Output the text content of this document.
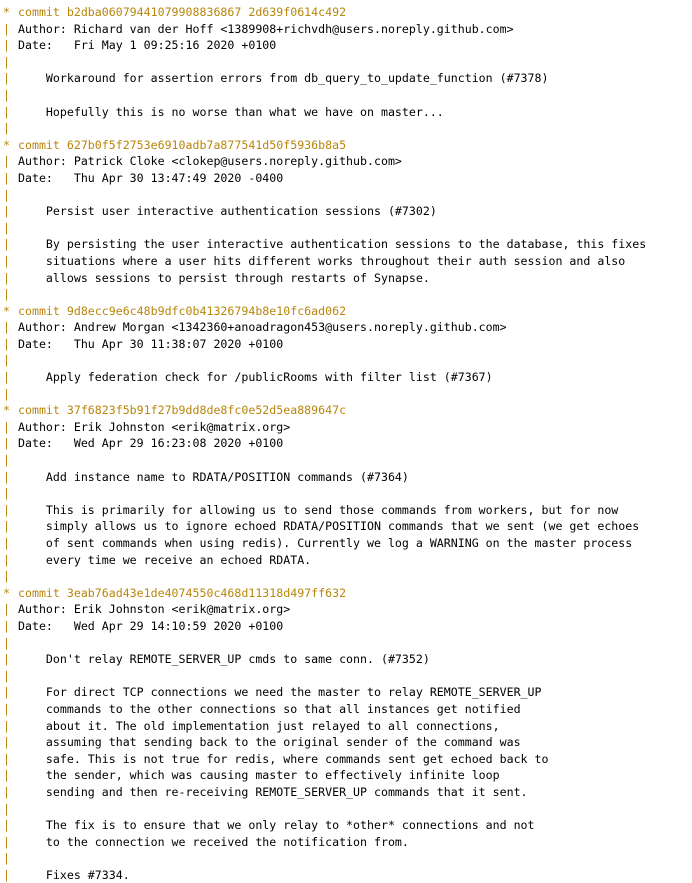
* commit b2dba06079441079908836867 2d639f0614c492
| Author: Richard van der Hoff <1389908+richvdh@users.noreply.github.com>
| Date:   Fri May 1 09:25:16 2020 +0100
|
| Workaround for assertion errors from db_query_to_update_function (#7378)
|
| Hopefully this is no worse than what we have on master...
|
* commit 627b0f5f2753e6910adb7a877541d50f5936b8a5
| Author: Patrick Cloke <clokep@users.noreply.github.com>
| Date:   Thu Apr 30 13:47:49 2020 -0400
|
| Persist user interactive authentication sessions (#7302)
|
| By persisting the user interactive authentication sessions to the database, this fixes
| situations where a user hits different works throughout their auth session and also
| allows sessions to persist through restarts of Synapse.
|
* commit 9d8ecc9e6c48b9dfc0b41326794b8e10fc6ad062
| Author: Andrew Morgan <1342360+anoadragon453@users.noreply.github.com>
| Date:   Thu Apr 30 11:38:07 2020 +0100
|
| Apply federation check for /publicRooms with filter list (#7367)
|
* commit 37f6823f5b91f27b9dd8de8fc0e52d5ea889647c
| Author: Erik Johnston <erik@matrix.org>
| Date:   Wed Apr 29 16:23:08 2020 +0100
|
| Add instance name to RDATA/POSITION commands (#7364)
|
| This is primarily for allowing us to send those commands from workers, but for now
| simply allows us to ignore echoed RDATA/POSITION commands that we sent (we get echoes
| of sent commands when using redis). Currently we log a WARNING on the master process
| every time we receive an echoed RDATA.
|
* commit 3eab76ad43e1de4074550c468d11318d497ff632
| Author: Erik Johnston <erik@matrix.org>
| Date:   Wed Apr 29 14:10:59 2020 +0100
|
| Don't relay REMOTE_SERVER_UP cmds to same conn. (#7352)
|
| For direct TCP connections we need the master to relay REMOTE_SERVER_UP
| commands to the other connections so that all instances get notified
| about it. The old implementation just relayed to all connections,
| assuming that sending back to the original sender of the command was
| safe. This is not true for redis, where commands sent get echoed back to
| the sender, which was causing master to effectively infinite loop
| sending and then re-receiving REMOTE_SERVER_UP commands that it sent.
|
| The fix is to ensure that we only relay to *other* connections and not
| to the connection we received the notification from.
|
| Fixes #7334.
